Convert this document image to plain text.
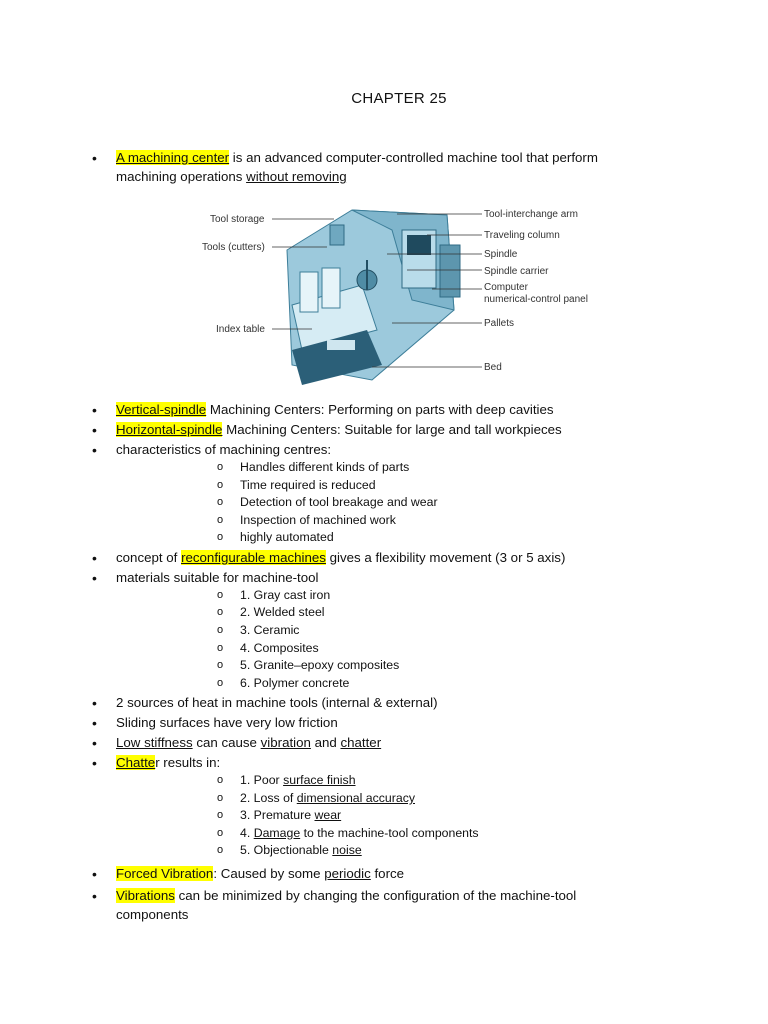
CHAPTER 25
• A machining center is an advanced computer-controlled machine tool that perform
machining operations without removing
Tool storage
Tools (cutters)
Index table
Tool-interchange arm
Traveling column
Spindle
Spindle carrier
Computer
numerical-control panel
Pallets
Bed
• Vertical-spindle Machining Centers: Performing on parts with deep cavities
• Horizontal-spindle Machining Centers: Suitable for large and tall workpieces
• characteristics of machining centres:
o Handles different kinds of parts
o Time required is reduced
o Detection of tool breakage and wear
o Inspection of machined work
o highly automated
• concept of reconfigurable machines gives a flexibility movement (3 or 5 axis)
• materials suitable for machine-tool
o 1. Gray cast iron
o 2. Welded steel
o 3. Ceramic
o 4. Composites
o 5. Granite–epoxy composites
o 6. Polymer concrete
• 2 sources of heat in machine tools (internal & external)
• Sliding surfaces have very low friction
• Low stiffness can cause vibration and chatter
• Chatter results in:
o 1. Poor surface finish
o 2. Loss of dimensional accuracy
o 3. Premature wear
o 4. Damage to the machine-tool components
o 5. Objectionable noise
• Forced Vibration: Caused by some periodic force
• Vibrations can be minimized by changing the configuration of the machine-tool
components
